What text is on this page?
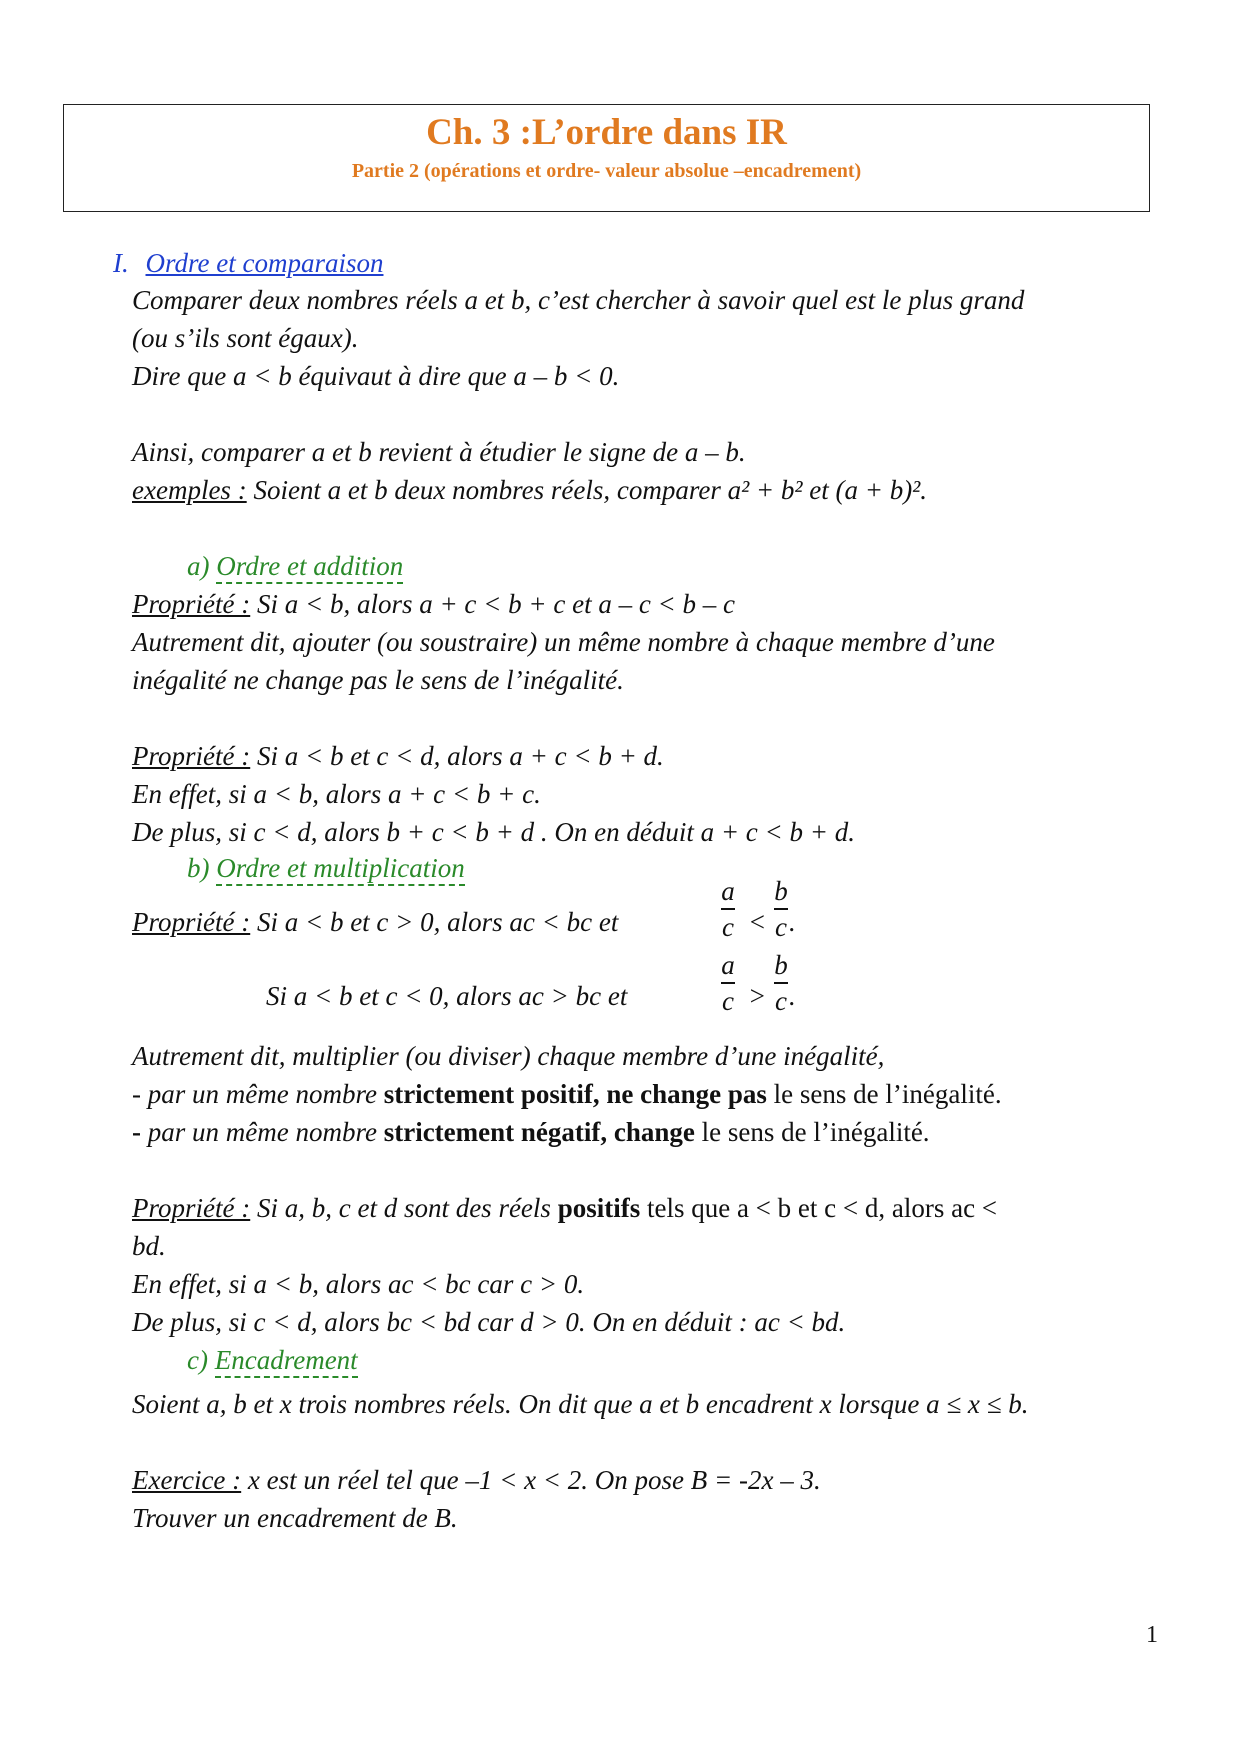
Ch. 3 :L’ordre dans IR
Partie 2 (opérations et ordre- valeur absolue –encadrement)
I. Ordre et comparaison
Comparer deux nombres réels a et b, c’est chercher à savoir quel est le plus grand
(ou s’ils sont égaux).
Dire que a < b équivaut à dire que a – b < 0.
Ainsi, comparer a et b revient à étudier le signe de a – b.
exemples : Soient a et b deux nombres réels, comparer a² + b² et (a + b)².
a) Ordre et addition
Propriété : Si a < b, alors a + c < b + c et a – c < b – c
Autrement dit, ajouter (ou soustraire) un même nombre à chaque membre d’une
inégalité ne change pas le sens de l’inégalité.
Propriété : Si a < b et c < d, alors a + c < b + d.
En effet, si a < b, alors a + c < b + c.
De plus, si c < d, alors b + c < b + d . On en déduit a + c < b + d.
b) Ordre et multiplication
Propriété : Si a < b et c > 0, alors ac < bc et
a
c <
b
c .
Si a < b et c < 0, alors ac > bc et
a
c >
b
c .
Autrement dit, multiplier (ou diviser) chaque membre d’une inégalité,
- par un même nombre strictement positif, ne change pas le sens de l’inégalité.
- par un même nombre strictement négatif, change le sens de l’inégalité.
Propriété : Si a, b, c et d sont des réels positifs tels que a < b et c < d, alors ac <
bd.
En effet, si a < b, alors ac < bc car c > 0.
De plus, si c < d, alors bc < bd car d > 0. On en déduit : ac < bd.
c) Encadrement
Soient a, b et x trois nombres réels. On dit que a et b encadrent x lorsque a ≤ x ≤ b.
Exercice : x est un réel tel que –1 < x < 2. On pose B = -2x – 3.
Trouver un encadrement de B.
1
